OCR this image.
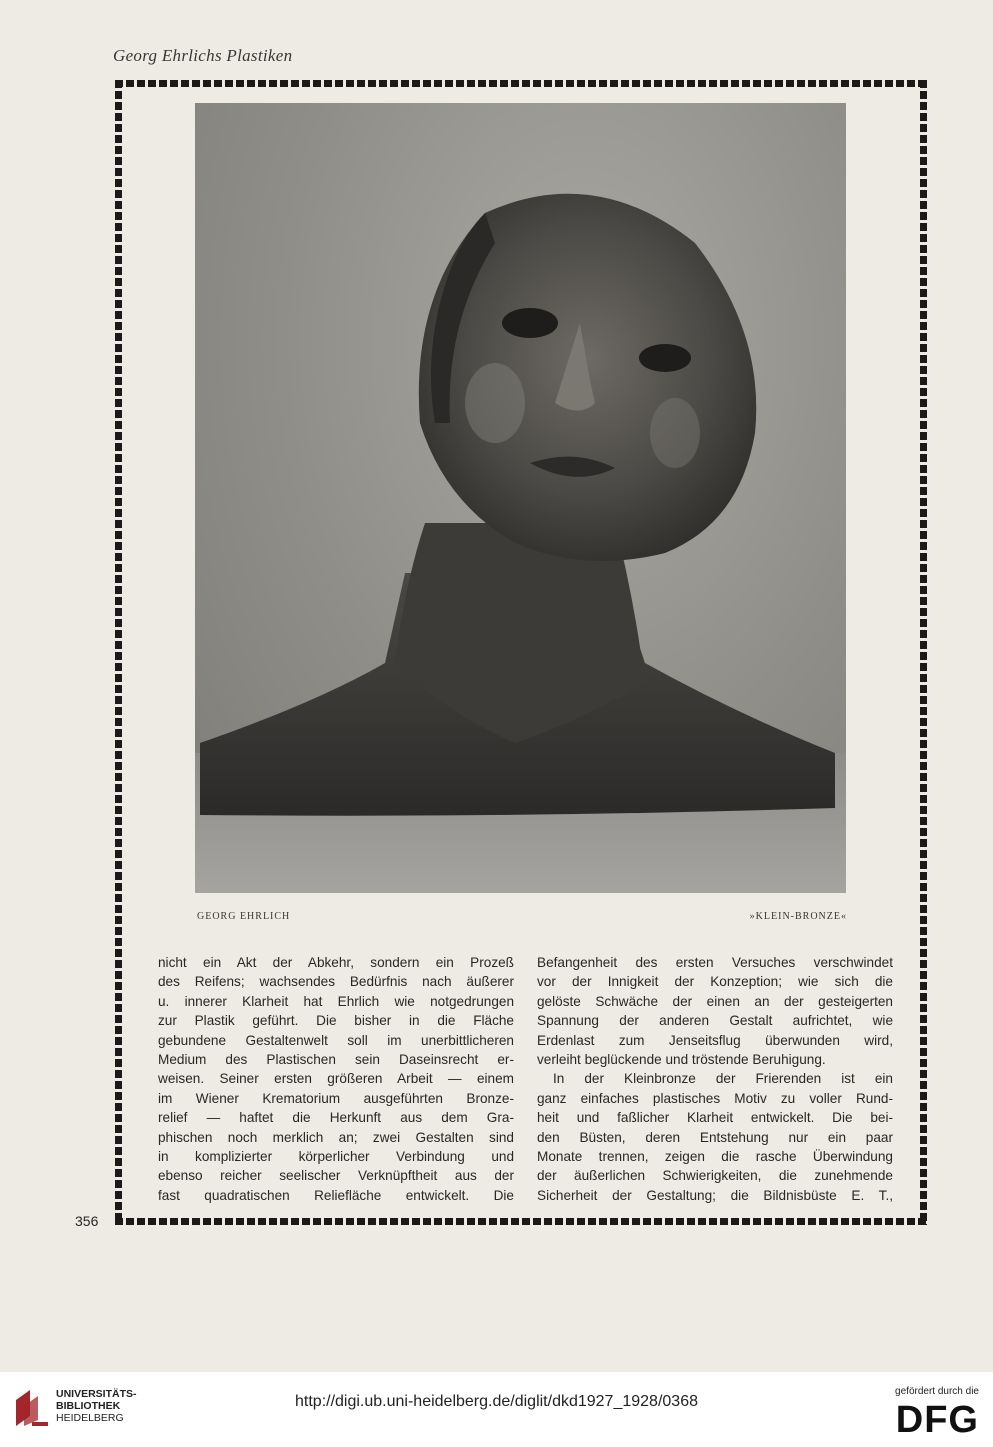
Georg Ehrlichs Plastiken
GEORG EHRLICH	»KLEIN-BRONZE«
nicht ein Akt der Abkehr, sondern ein Prozeß
des Reifens; wachsendes Bedürfnis nach äußerer
u. innerer Klarheit hat Ehrlich wie notgedrungen
zur Plastik geführt. Die bisher in die Fläche
gebundene Gestaltenwelt soll im unerbittlicheren
Medium des Plastischen sein Daseinsrecht er-
weisen. Seiner ersten größeren Arbeit — einem
im Wiener Krematorium ausgeführten Bronze-
relief — haftet die Herkunft aus dem Gra-
phischen noch merklich an; zwei Gestalten sind
in komplizierter körperlicher Verbindung und
ebenso reicher seelischer Verknüpftheit aus der
fast quadratischen Reliefläche entwickelt. Die
Befangenheit des ersten Versuches verschwindet
vor der Innigkeit der Konzeption; wie sich die
gelöste Schwäche der einen an der gesteigerten
Spannung der anderen Gestalt aufrichtet, wie
Erdenlast zum Jenseitsflug überwunden wird,
verleiht beglückende und tröstende Beruhigung.
In der Kleinbronze der Frierenden ist ein
ganz einfaches plastisches Motiv zu voller Rund-
heit und faßlicher Klarheit entwickelt. Die bei-
den Büsten, deren Entstehung nur ein paar
Monate trennen, zeigen die rasche Überwindung
der äußerlichen Schwierigkeiten, die zunehmende
Sicherheit der Gestaltung; die Bildnisbüste E. T.,
356
UNIVERSITÄTS-
BIBLIOTHEK
HEIDELBERG
http://digi.ub.uni-heidelberg.de/diglit/dkd1927_1928/0368
gefördert durch die
DFG
